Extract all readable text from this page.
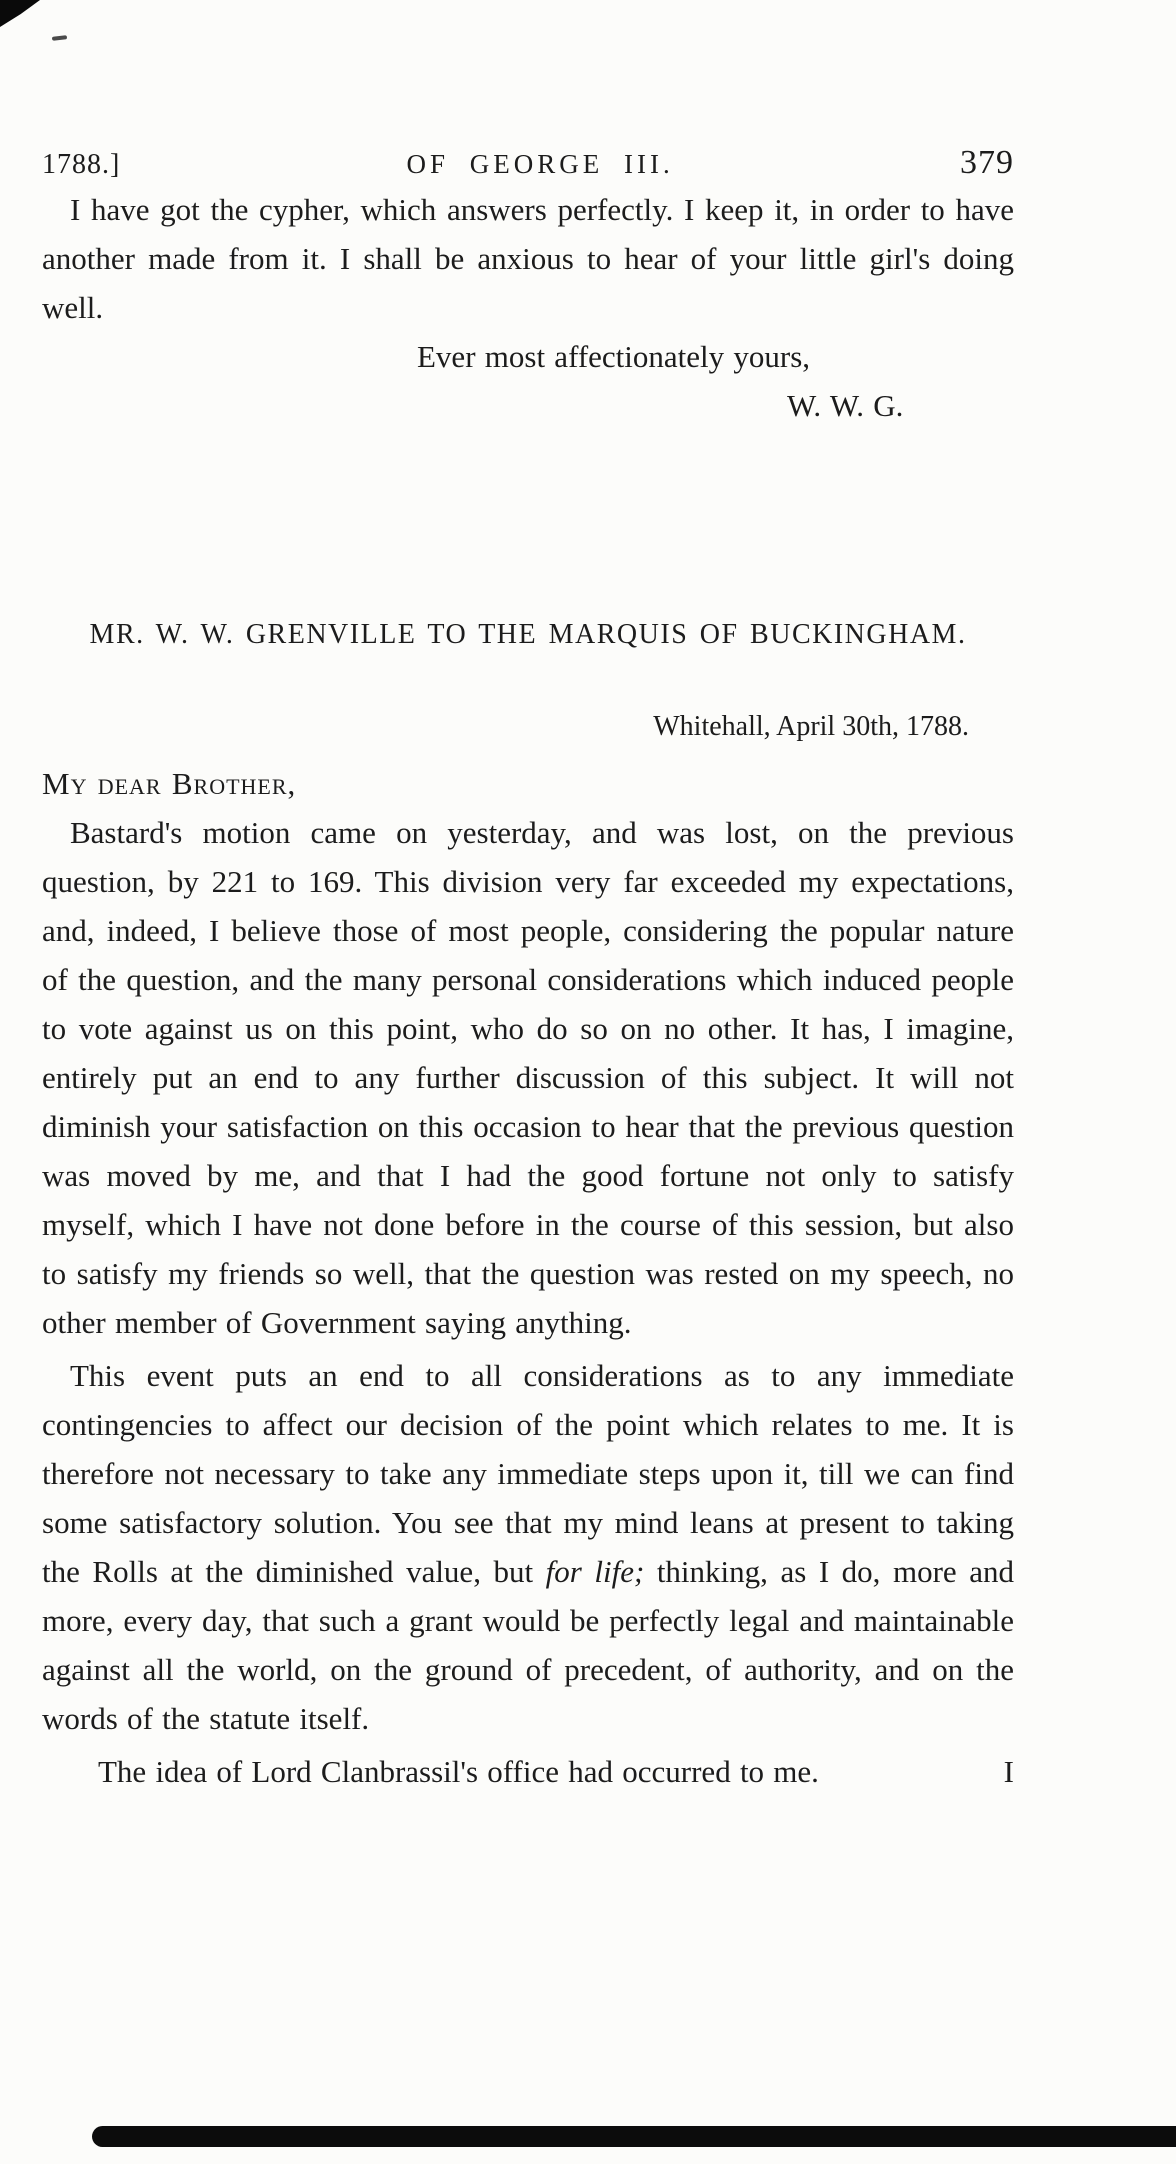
1788.]	OF GEORGE III.	379

I have got the cypher, which answers perfectly. I keep it, in order to have another made from it. I shall be anxious to hear of your little girl's doing well.

Ever most affectionately yours,
W. W. G.
MR. W. W. GRENVILLE TO THE MARQUIS OF BUCKINGHAM.
Whitehall, April 30th, 1788.
My dear Brother,

Bastard's motion came on yesterday, and was lost, on the previous question, by 221 to 169. This division very far exceeded my expectations, and, indeed, I believe those of most people, considering the popular nature of the question, and the many personal considerations which induced people to vote against us on this point, who do so on no other. It has, I imagine, entirely put an end to any further discussion of this subject. It will not diminish your satisfaction on this occasion to hear that the previous question was moved by me, and that I had the good fortune not only to satisfy myself, which I have not done before in the course of this session, but also to satisfy my friends so well, that the question was rested on my speech, no other member of Government saying anything.

This event puts an end to all considerations as to any immediate contingencies to affect our decision of the point which relates to me. It is therefore not necessary to take any immediate steps upon it, till we can find some satisfactory solution. You see that my mind leans at present to taking the Rolls at the diminished value, but for life; thinking, as I do, more and more, every day, that such a grant would be perfectly legal and maintainable against all the world, on the ground of precedent, of authority, and on the words of the statute itself.

The idea of Lord Clanbrassil's office had occurred to me.	I
